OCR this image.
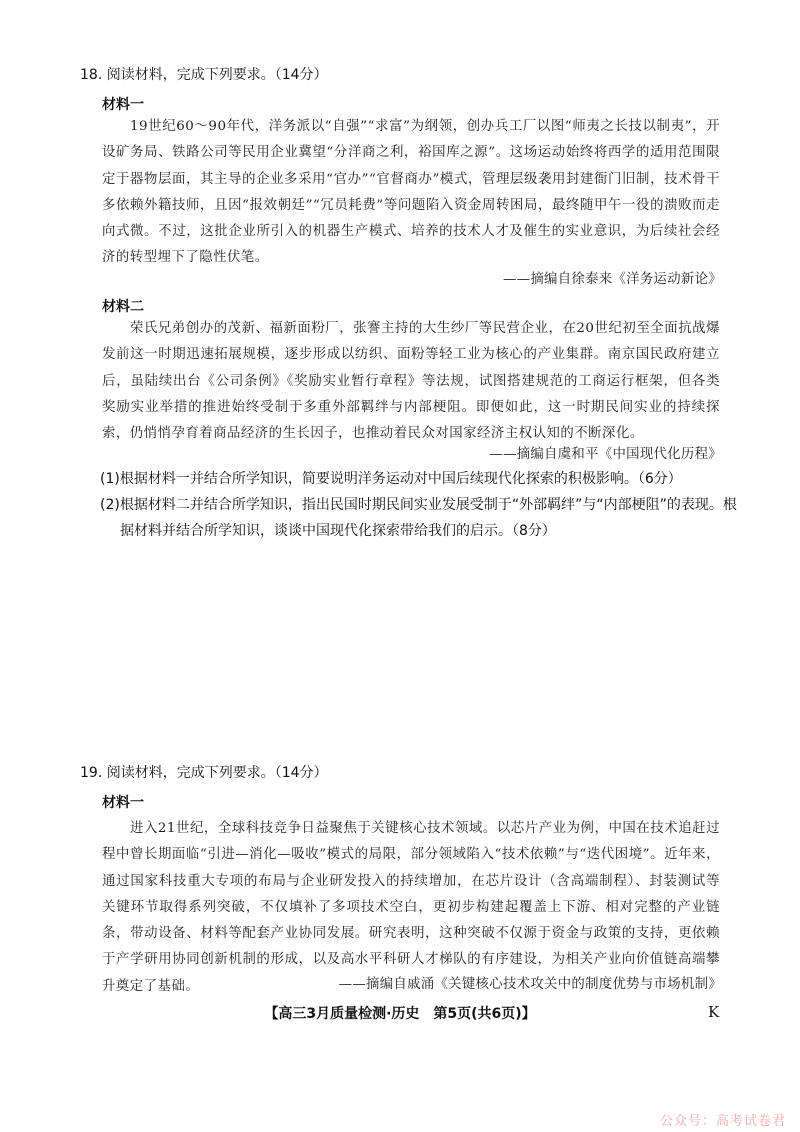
18. 阅读材料，完成下列要求。（14分）
材料一
19世纪60～90年代，洋务派以“自强”“求富”为纲领，创办兵工厂以图“师夷之长技以制夷”，开设矿务局、铁路公司等民用企业冀望“分洋商之利，裕国库之源”。这场运动始终将西学的适用范围限定于器物层面，其主导的企业多采用“官办”“官督商办”模式，管理层级袭用封建衙门旧制，技术骨干多依赖外籍技师，且因“报效朝廷”“冗员耗费”等问题陷入资金周转困局，最终随甲午一役的溃败而走向式微。不过，这批企业所引入的机器生产模式、培养的技术人才及催生的实业意识，为后续社会经济的转型埋下了隐性伏笔。
——摘编自徐泰来《洋务运动新论》
材料二
荣氏兄弟创办的茂新、福新面粉厂，张謇主持的大生纱厂等民营企业，在20世纪初至全面抗战爆发前这一时期迅速拓展规模，逐步形成以纺织、面粉等轻工业为核心的产业集群。南京国民政府建立后，虽陆续出台《公司条例》《奖励实业暂行章程》等法规，试图搭建规范的工商运行框架，但各类奖励实业举措的推进始终受制于多重外部羁绊与内部梗阻。即便如此，这一时期民间实业的持续探索，仍悄悄孕育着商品经济的生长因子，也推动着民众对国家经济主权认知的不断深化。
——摘编自虞和平《中国现代化历程》
(1)根据材料一并结合所学知识，简要说明洋务运动对中国后续现代化探索的积极影响。（6分）
(2)根据材料二并结合所学知识，指出民国时期民间实业发展受制于“外部羁绊”与“内部梗阻”的表现。根据材料并结合所学知识，谈谈中国现代化探索带给我们的启示。（8分）
19. 阅读材料，完成下列要求。（14分）
材料一
进入21世纪，全球科技竞争日益聚焦于关键核心技术领域。以芯片产业为例，中国在技术追赶过程中曾长期面临“引进—消化—吸收”模式的局限，部分领域陷入“技术依赖”与“迭代困境”。近年来，通过国家科技重大专项的布局与企业研发投入的持续增加，在芯片设计（含高端制程）、封装测试等关键环节取得系列突破，不仅填补了多项技术空白，更初步构建起覆盖上下游、相对完整的产业链条，带动设备、材料等配套产业协同发展。研究表明，这种突破不仅源于资金与政策的支持，更依赖于产学研用协同创新机制的形成，以及高水平科研人才梯队的有序建设，为相关产业向价值链高端攀升奠定了基础。	——摘编自戚涌《关键核心技术攻关中的制度优势与市场机制》
【高三3月质量检测·历史　第5页(共6页)】	K
公众号：高考试卷君
